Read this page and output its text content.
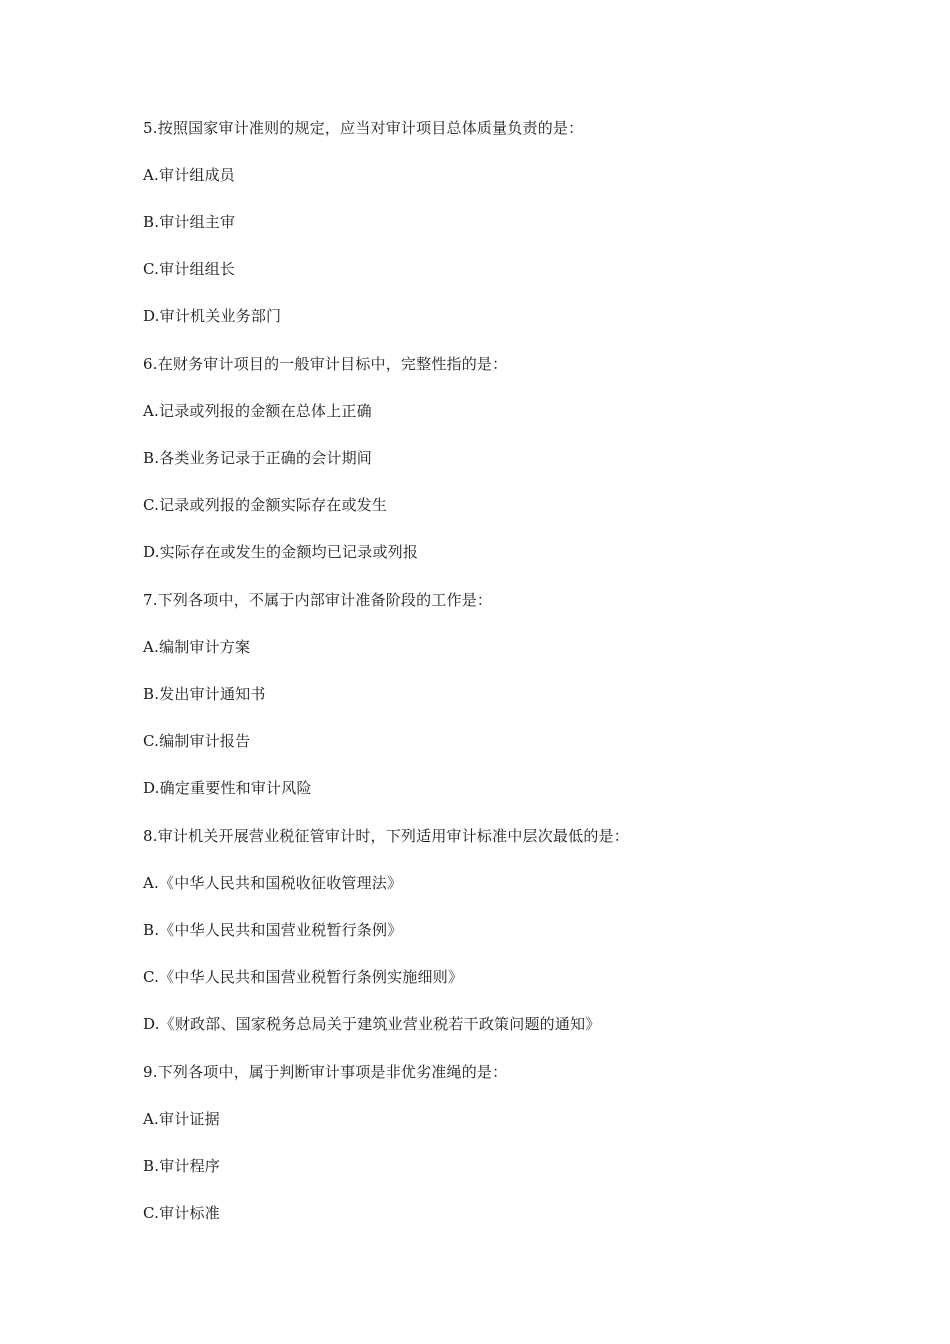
5.按照国家审计准则的规定，应当对审计项目总体质量负责的是：
A.审计组成员
B.审计组主审
C.审计组组长
D.审计机关业务部门
6.在财务审计项目的一般审计目标中，完整性指的是：
A.记录或列报的金额在总体上正确
B.各类业务记录于正确的会计期间
C.记录或列报的金额实际存在或发生
D.实际存在或发生的金额均已记录或列报
7.下列各项中，不属于内部审计准备阶段的工作是：
A.编制审计方案
B.发出审计通知书
C.编制审计报告
D.确定重要性和审计风险
8.审计机关开展营业税征管审计时，下列适用审计标准中层次最低的是：
A.《中华人民共和国税收征收管理法》
B.《中华人民共和国营业税暂行条例》
C.《中华人民共和国营业税暂行条例实施细则》
D.《财政部、国家税务总局关于建筑业营业税若干政策问题的通知》
9.下列各项中，属于判断审计事项是非优劣准绳的是：
A.审计证据
B.审计程序
C.审计标准
